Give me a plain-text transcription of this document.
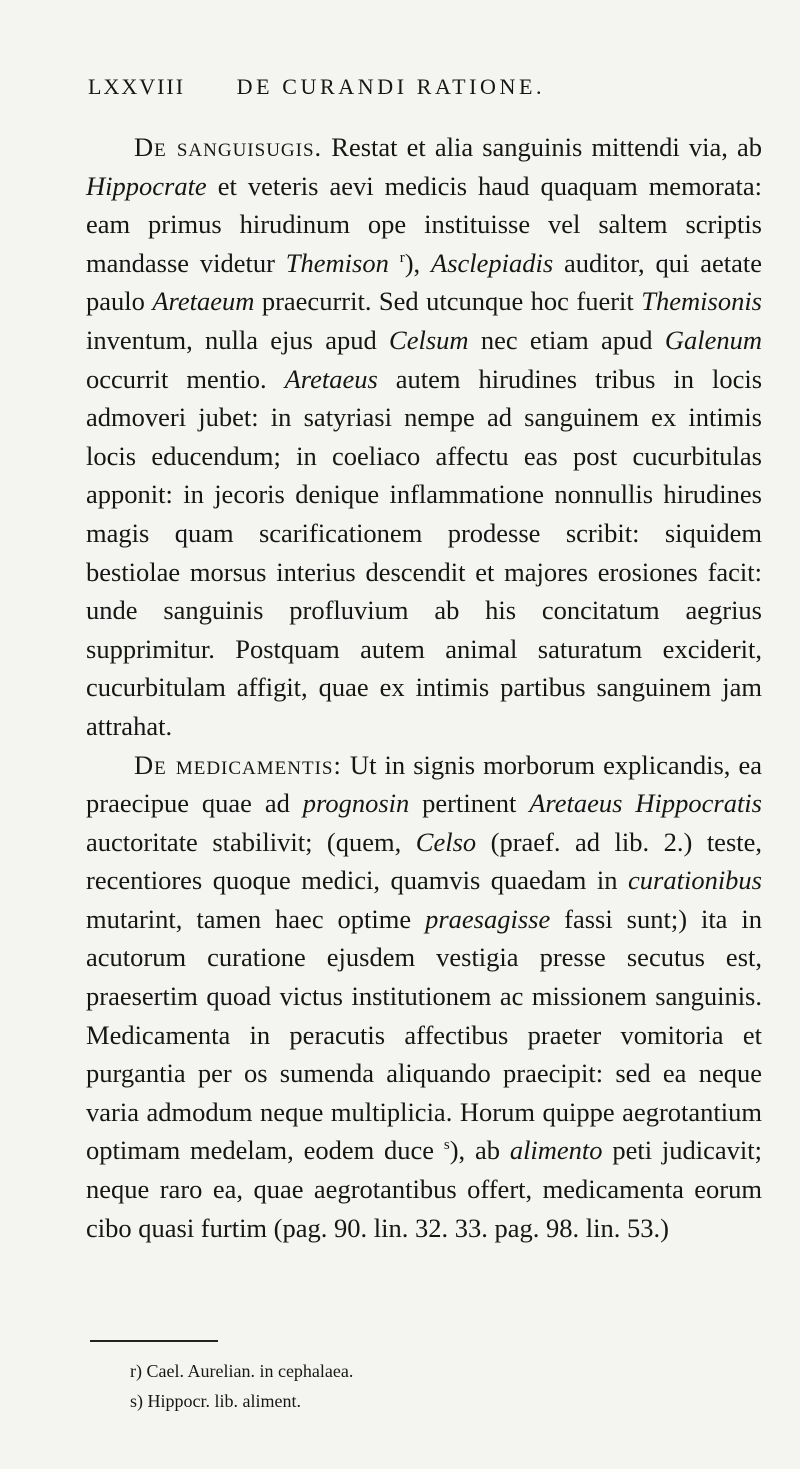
LXXVIII DE CURANDI RATIONE.

De sanguisugis. Restat et alia sanguinis mittendi via, ab Hippocrate et veteris aevi medicis haud quaquam memorata: eam primus hirudinum ope instituisse vel saltem scriptis mandasse videtur Themison $^r$), Asclepiadis auditor, qui aetate paulo Aretaeum praecurrit. Sed utcunque hoc fuerit Themisonis inventum, nulla ejus apud Celsum nec etiam apud Galenum occurrit mentio. Aretaeus autem hirudines tribus in locis admoveri jubet: in satyriasi nempe ad sanguinem ex intimis locis educendum; in coeliaco affectu eas post cucurbitulas apponit: in jecoris denique inflammatione nonnullis hirudines magis quam scarificationem prodesse scribit: siquidem bestiolae morsus interius descendit et majores erosiones facit: unde sanguinis profluvium ab his concitatum aegrius supprimitur. Postquam autem animal saturatum exciderit, cucurbitulam affigit, quae ex intimis partibus sanguinem jam attrahat.

De medicamentis: Ut in signis morborum explicandis, ea praecipue quae ad prognosin pertinent Aretaeus Hippocratis auctoritate stabilivit; (quem, Celso (praef. ad lib. 2.) teste, recentiores quoque medici, quamvis quaedam in curationibus mutarint, tamen haec optime praesagisse fassi sunt;) ita in acutorum curatione ejusdem vestigia presse secutus est, praesertim quoad victus institutionem ac missionem sanguinis. Medicamenta in peracutis affectibus praeter vomitoria et purgantia per os sumenda aliquando praecipit: sed ea neque varia admodum neque multiplicia. Horum quippe aegrotantium optimam medelam, eodem duce $^s$), ab alimento peti judicavit; neque raro ea, quae aegrotantibus offert, medicamenta eorum cibo quasi furtim (pag. 90. lin. 32. 33. pag. 98. lin. 53.)

r) Cael. Aurelian. in cephalaea.
s) Hippocr. lib. aliment.
